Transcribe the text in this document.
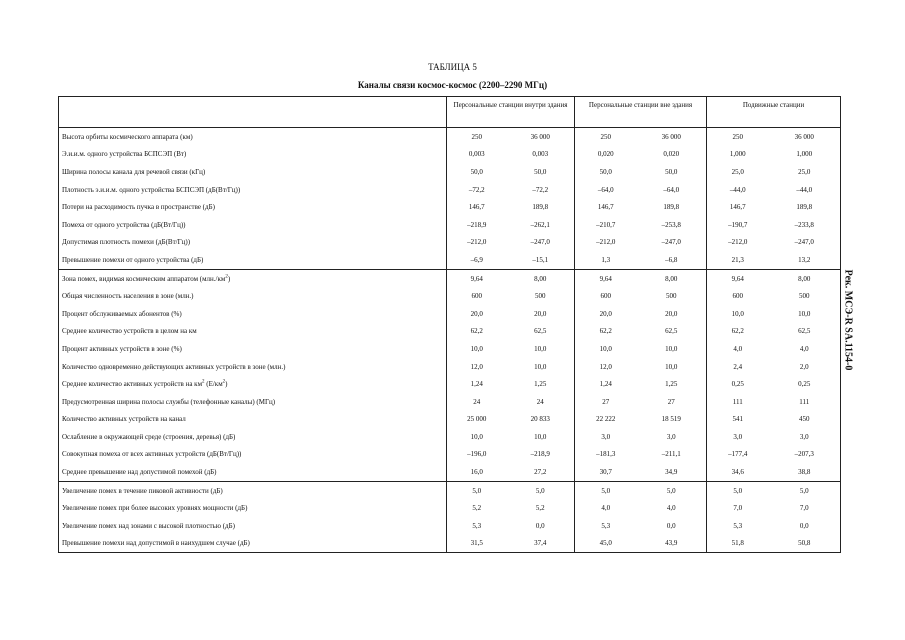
ТАБЛИЦА 5
Каналы связи космос-космос (2200–2290 МГц)
Рек. МСЭ-R SA.1154-0
	Персональные станции внутри здания		Персональные станции вне здания		Подвижные станции	
Высота орбиты космического аппарата (км)	250	36 000	250	36 000	250	36 000
Э.и.и.м. одного устройства БСПСЭП (Вт)	0,003	0,003	0,020	0,020	1,000	1,000
Ширина полосы канала для речевой связи (кГц)	50,0	50,0	50,0	50,0	25,0	25,0
Плотность э.и.и.м. одного устройства БСПСЭП (дБ(Вт/Гц))	–72,2	–72,2	–64,0	–64,0	–44,0	–44,0
Потери на расходимость пучка в пространстве (дБ)	146,7	189,8	146,7	189,8	146,7	189,8
Помеха от одного устройства (дБ(Вт/Гц))	–218,9	–262,1	–210,7	–253,8	–190,7	–233,8
Допустимая плотность помехи (дБ(Вт/Гц))	–212,0	–247,0	–212,0	–247,0	–212,0	–247,0
Превышение помехи от одного устройства (дБ)	–6,9	–15,1	1,3	–6,8	21,3	13,2
Зона помех, видимая космическим аппаратом $(млн./км^2)$	9,64	8,00	9,64	8,00	9,64	8,00
Общая численность населения в зоне (млн.)	600	500	600	500	600	500
Процент обслуживаемых абонентов (%)	20,0	20,0	20,0	20,0	10,0	10,0
Среднее количество устройств в целом на км	62,2	62,5	62,2	62,5	62,2	62,5
Процент активных устройств в зоне (%)	10,0	10,0	10,0	10,0	4,0	4,0
Количество одновременно действующих активных устройств в зоне (млн.)	12,0	10,0	12,0	10,0	2,4	2,0
Среднее количество активных устройств на $км^2$ $(Е/км^2)$	1,24	1,25	1,24	1,25	0,25	0,25
Предусмотренная ширина полосы службы (телефонные каналы) (МГц)	24	24	27	27	111	111
Количество активных устройств на канал	25 000	20 833	22 222	18 519	541	450
Ослабление в окружающей среде (строения, деревья) (дБ)	10,0	10,0	3,0	3,0	3,0	3,0
Совокупная помеха от всех активных устройств (дБ(Вт/Гц))	–196,0	–218,9	–181,3	–211,1	–177,4	–207,3
Среднее превышение над допустимой помехой (дБ)	16,0	27,2	30,7	34,9	34,6	38,8
Увеличение помех в течение пиковой активности (дБ)	5,0	5,0	5,0	5,0	5,0	5,0
Увеличение помех при более высоких уровнях мощности (дБ)	5,2	5,2	4,0	4,0	7,0	7,0
Увеличение помех над зонами с высокой плотностью (дБ)	5,3	0,0	5,3	0,0	5,3	0,0
Превышение помехи над допустимой в наихудшем случае (дБ)	31,5	37,4	45,0	43,9	51,8	50,8
